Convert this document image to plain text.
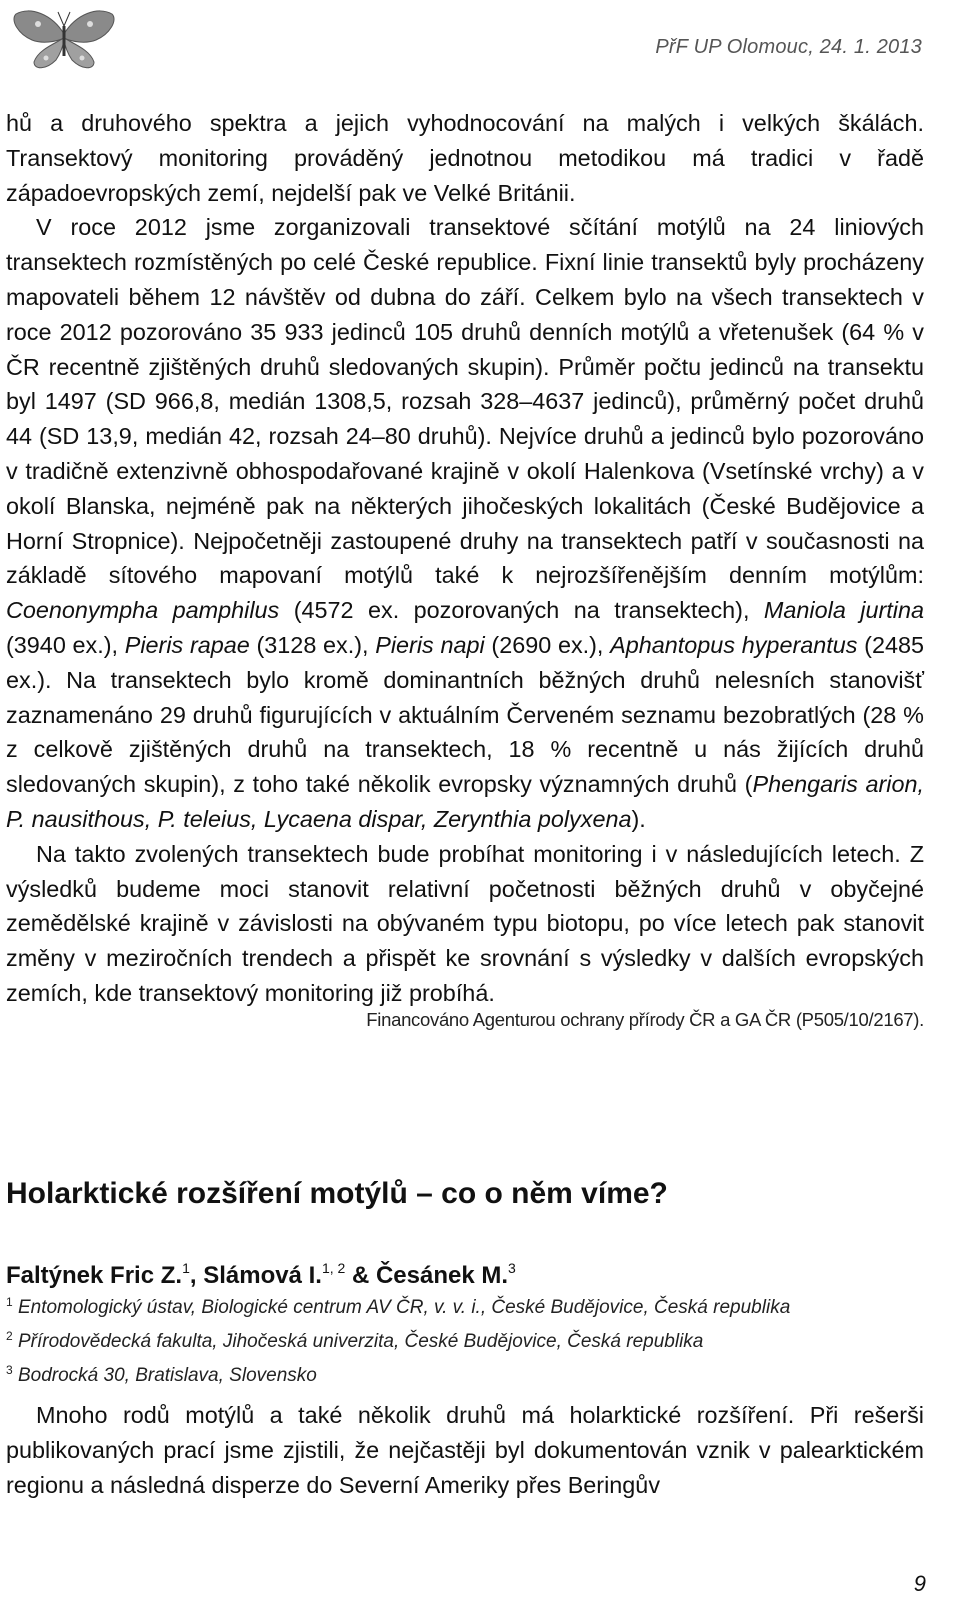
PřF UP Olomouc, 24. 1. 2013

hů a druhového spektra a jejich vyhodnocování na malých i velkých škálách. Transektový monitoring prováděný jednotnou metodikou má tradici v řadě západoevropských zemí, nejdelší pak ve Velké Británii.

V roce 2012 jsme zorganizovali transektové sčítání motýlů na 24 liniových transektech rozmístěných po celé České republice. Fixní linie transektů byly procházeny mapovateli během 12 návštěv od dubna do září. Celkem bylo na všech transektech v roce 2012 pozorováno 35 933 jedinců 105 druhů denních motýlů a vřetenušek (64 % v ČR recentně zjištěných druhů sledovaných skupin). Průměr počtu jedinců na transektu byl 1497 (SD 966,8, medián 1308,5, rozsah 328–4637 jedinců), průměrný počet druhů 44 (SD 13,9, medián 42, rozsah 24–80 druhů). Nejvíce druhů a jedinců bylo pozorováno v tradičně extenzivně obhospodařované krajině v okolí Halenkova (Vsetínské vrchy) a v okolí Blanska, nejméně pak na některých jihočeských lokalitách (České Budějovice a Horní Stropnice). Nejpočetněji zastoupené druhy na transektech patří v současnosti na základě sítového mapovaní motýlů také k nejrozšířenějším denním motýlům: Coenonympha pamphilus (4572 ex. pozorovaných na transektech), Maniola jurtina (3940 ex.), Pieris rapae (3128 ex.), Pieris napi (2690 ex.), Aphantopus hyperantus (2485 ex.). Na transektech bylo kromě dominantních běžných druhů nelesních stanovišť zaznamenáno 29 druhů figurujících v aktuálním Červeném seznamu bezobratlých (28 % z celkově zjištěných druhů na transektech, 18 % recentně u nás žijících druhů sledovaných skupin), z toho také několik evropsky významných druhů (Phengaris arion, P. nausithous, P. teleius, Lycaena dispar, Zerynthia polyxena).

Na takto zvolených transektech bude probíhat monitoring i v následujících letech. Z výsledků budeme moci stanovit relativní početnosti běžných druhů v obyčejné zemědělské krajině v závislosti na obývaném typu biotopu, po více letech pak stanovit změny v meziročních trendech a přispět ke srovnání s výsledky v dalších evropských zemích, kde transektový monitoring již probíhá.

Financováno Agenturou ochrany přírody ČR a GA ČR (P505/10/2167).
Holarktické rozšíření motýlů – co o něm víme?
Faltýnek Fric Z.$^1$, Slámová I.$^{1, 2}$ & Česánek M.$^3$
$^1$ Entomologický ústav, Biologické centrum AV ČR, v. v. i., České Budějovice, Česká republika
$^2$ Přírodovědecká fakulta, Jihočeská univerzita, České Budějovice, Česká republika
$^3$ Bodrocká 30, Bratislava, Slovensko

Mnoho rodů motýlů a také několik druhů má holarktické rozšíření. Při rešerši publikovaných prací jsme zjistili, že nejčastěji byl dokumentován vznik v palearktickém regionu a následná disperze do Severní Ameriky přes Beringův

9
